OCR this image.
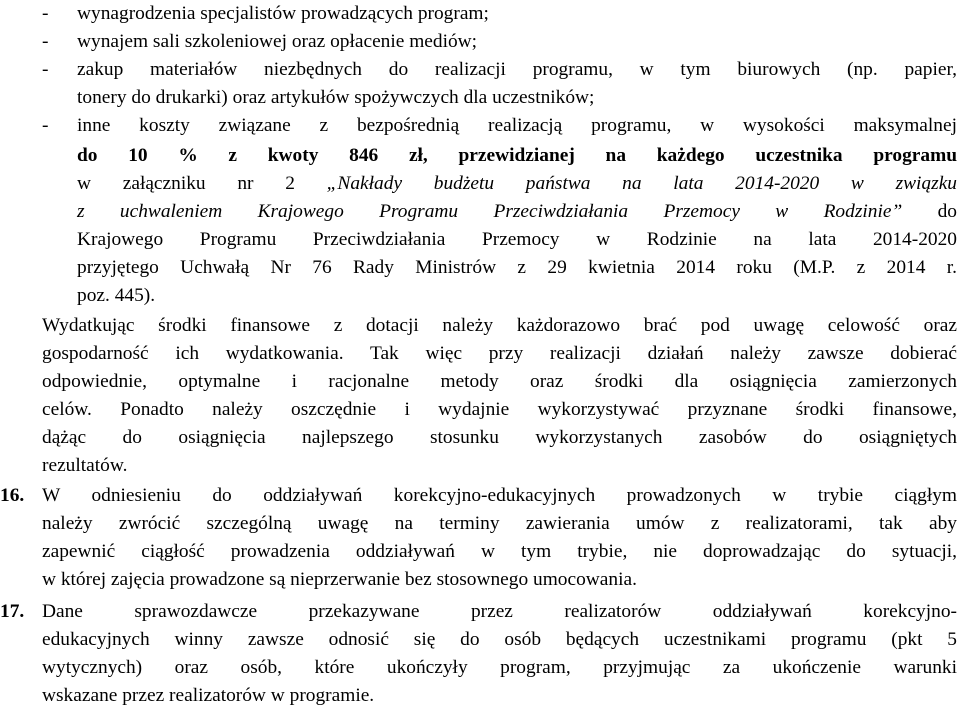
- wynagrodzenia specjalistów prowadzących program;
- wynajem sali szkoleniowej oraz opłacenie mediów;
- zakup materiałów niezbędnych do realizacji programu, w tym biurowych (np. papier,
tonery do drukarki) oraz artykułów spożywczych dla uczestników;
- inne koszty związane z bezpośrednią realizacją programu, w wysokości maksymalnej
do 10 % z kwoty 846 zł, przewidzianej na każdego uczestnika programu
w załączniku nr 2 „Nakłady budżetu państwa na lata 2014-2020 w związku
z uchwaleniem Krajowego Programu Przeciwdziałania Przemocy w Rodzinie” do
Krajowego Programu Przeciwdziałania Przemocy w Rodzinie na lata 2014-2020
przyjętego Uchwałą Nr 76 Rady Ministrów z 29 kwietnia 2014 roku (M.P. z 2014 r.
poz. 445).
Wydatkując środki finansowe z dotacji należy każdorazowo brać pod uwagę celowość oraz
gospodarność ich wydatkowania. Tak więc przy realizacji działań należy zawsze dobierać
odpowiednie, optymalne i racjonalne metody oraz środki dla osiągnięcia zamierzonych
celów. Ponadto należy oszczędnie i wydajnie wykorzystywać przyznane środki finansowe,
dążąc do osiągnięcia najlepszego stosunku wykorzystanych zasobów do osiągniętych
rezultatów.
16. W odniesieniu do oddziaływań korekcyjno-edukacyjnych prowadzonych w trybie ciągłym
należy zwrócić szczególną uwagę na terminy zawierania umów z realizatorami, tak aby
zapewnić ciągłość prowadzenia oddziaływań w tym trybie, nie doprowadzając do sytuacji,
w której zajęcia prowadzone są nieprzerwanie bez stosownego umocowania.
17. Dane sprawozdawcze przekazywane przez realizatorów oddziaływań korekcyjno-
edukacyjnych winny zawsze odnosić się do osób będących uczestnikami programu (pkt 5
wytycznych) oraz osób, które ukończyły program, przyjmując za ukończenie warunki
wskazane przez realizatorów w programie.
